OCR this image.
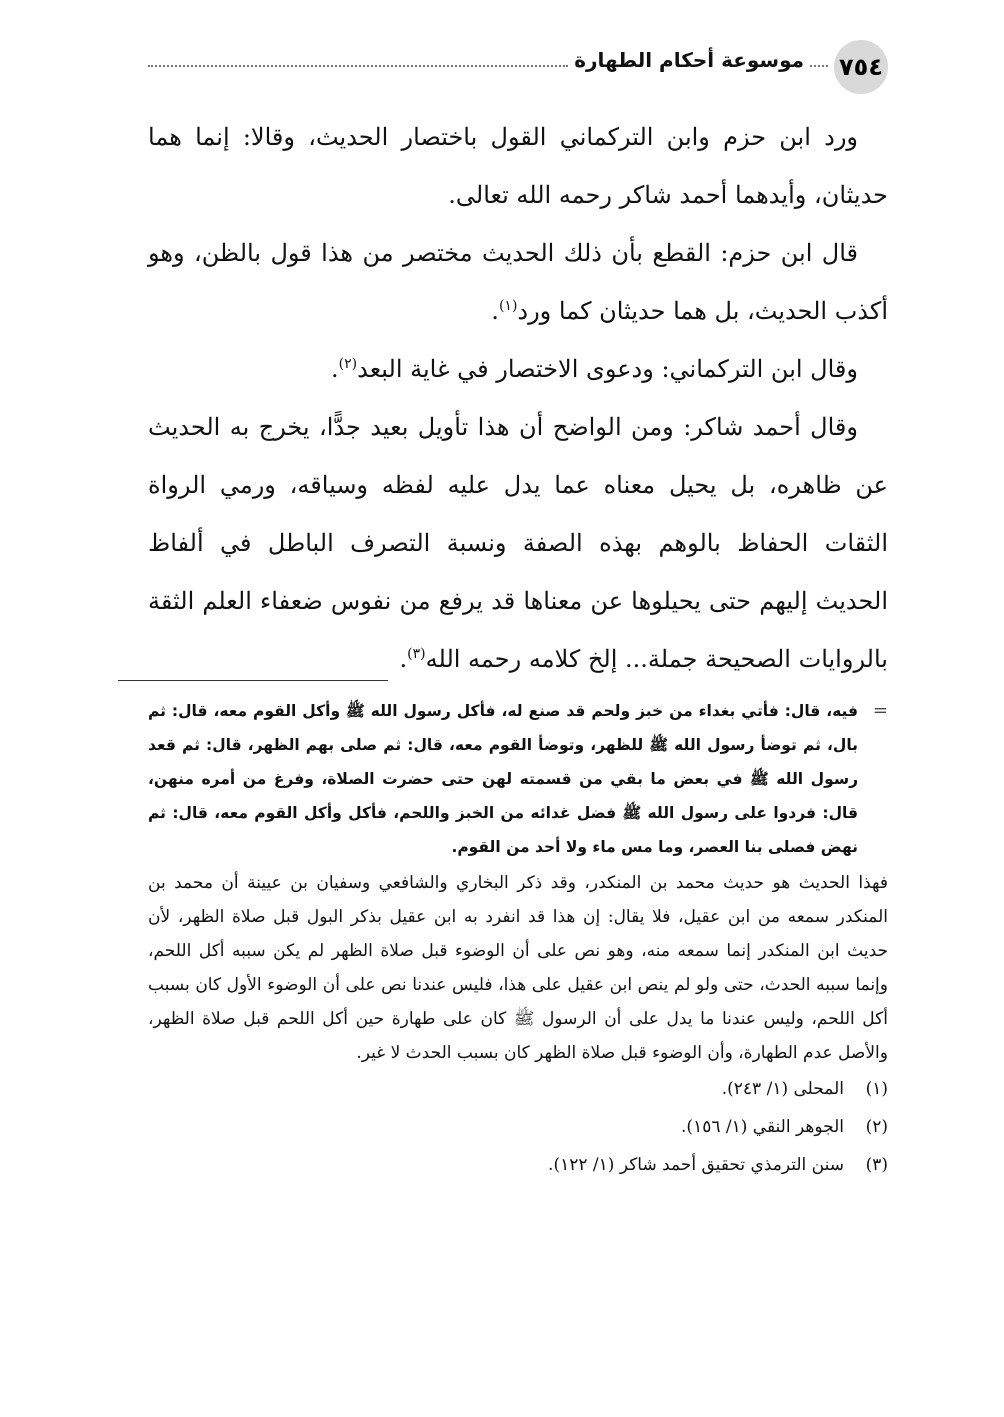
٧٥٤
موسوعة أحكام الطهارة

ورد ابن حزم وابن التركماني القول باختصار الحديث، وقالا: إنما هما حديثان، وأيدهما أحمد شاكر رحمه الله تعالى.

قال ابن حزم: القطع بأن ذلك الحديث مختصر من هذا قول بالظن، وهو أكذب الحديث، بل هما حديثان كما ورد$^{(١)}$.

وقال ابن التركماني: ودعوى الاختصار في غاية البعد$^{(٢)}$.

وقال أحمد شاكر: ومن الواضح أن هذا تأويل بعيد جدًّا، يخرج به الحديث عن ظاهره، بل يحيل معناه عما يدل عليه لفظه وسياقه، ورمي الرواة الثقات الحفاظ بالوهم بهذه الصفة ونسبة التصرف الباطل في ألفاظ الحديث إليهم حتى يحيلوها عن معناها قد يرفع من نفوس ضعفاء العلم الثقة بالروايات الصحيحة جملة... إلخ كلامه رحمه الله$^{(٣)}$.

=
فيه، قال: فأتي بغداء من خبز ولحم قد صنع له، فأكل رسول الله ﷺ وأكل القوم معه، قال: ثم بال، ثم توضأ رسول الله ﷺ للظهر، وتوضأ القوم معه، قال: ثم صلى بهم الظهر، قال: ثم قعد رسول الله ﷺ في بعض ما بقي من قسمته لهن حتى حضرت الصلاة، وفرغ من أمره منهن، قال: فردوا على رسول الله ﷺ فضل غدائه من الخبز واللحم، فأكل وأكل القوم معه، قال: ثم نهض فصلى بنا العصر، وما مس ماء ولا أحد من القوم.
فهذا الحديث هو حديث محمد بن المنكدر، وقد ذكر البخاري والشافعي وسفيان بن عيينة أن محمد بن المنكدر سمعه من ابن عقيل، فلا يقال: إن هذا قد انفرد به ابن عقيل بذكر البول قبل صلاة الظهر، لأن حديث ابن المنكدر إنما سمعه منه، وهو نص على أن الوضوء قبل صلاة الظهر لم يكن سببه أكل اللحم، وإنما سببه الحدث، حتى ولو لم ينص ابن عقيل على هذا، فليس عندنا نص على أن الوضوء الأول كان بسبب أكل اللحم، وليس عندنا ما يدل على أن الرسول ﷺ كان على طهارة حين أكل اللحم قبل صلاة الظهر، والأصل عدم الطهارة، وأن الوضوء قبل صلاة الظهر كان بسبب الحدث لا غير.
(١)
المحلى (١/ ٢٤٣).
(٢)
الجوهر النقي (١/ ١٥٦).
(٣)
سنن الترمذي تحقيق أحمد شاكر (١/ ١٢٢).
